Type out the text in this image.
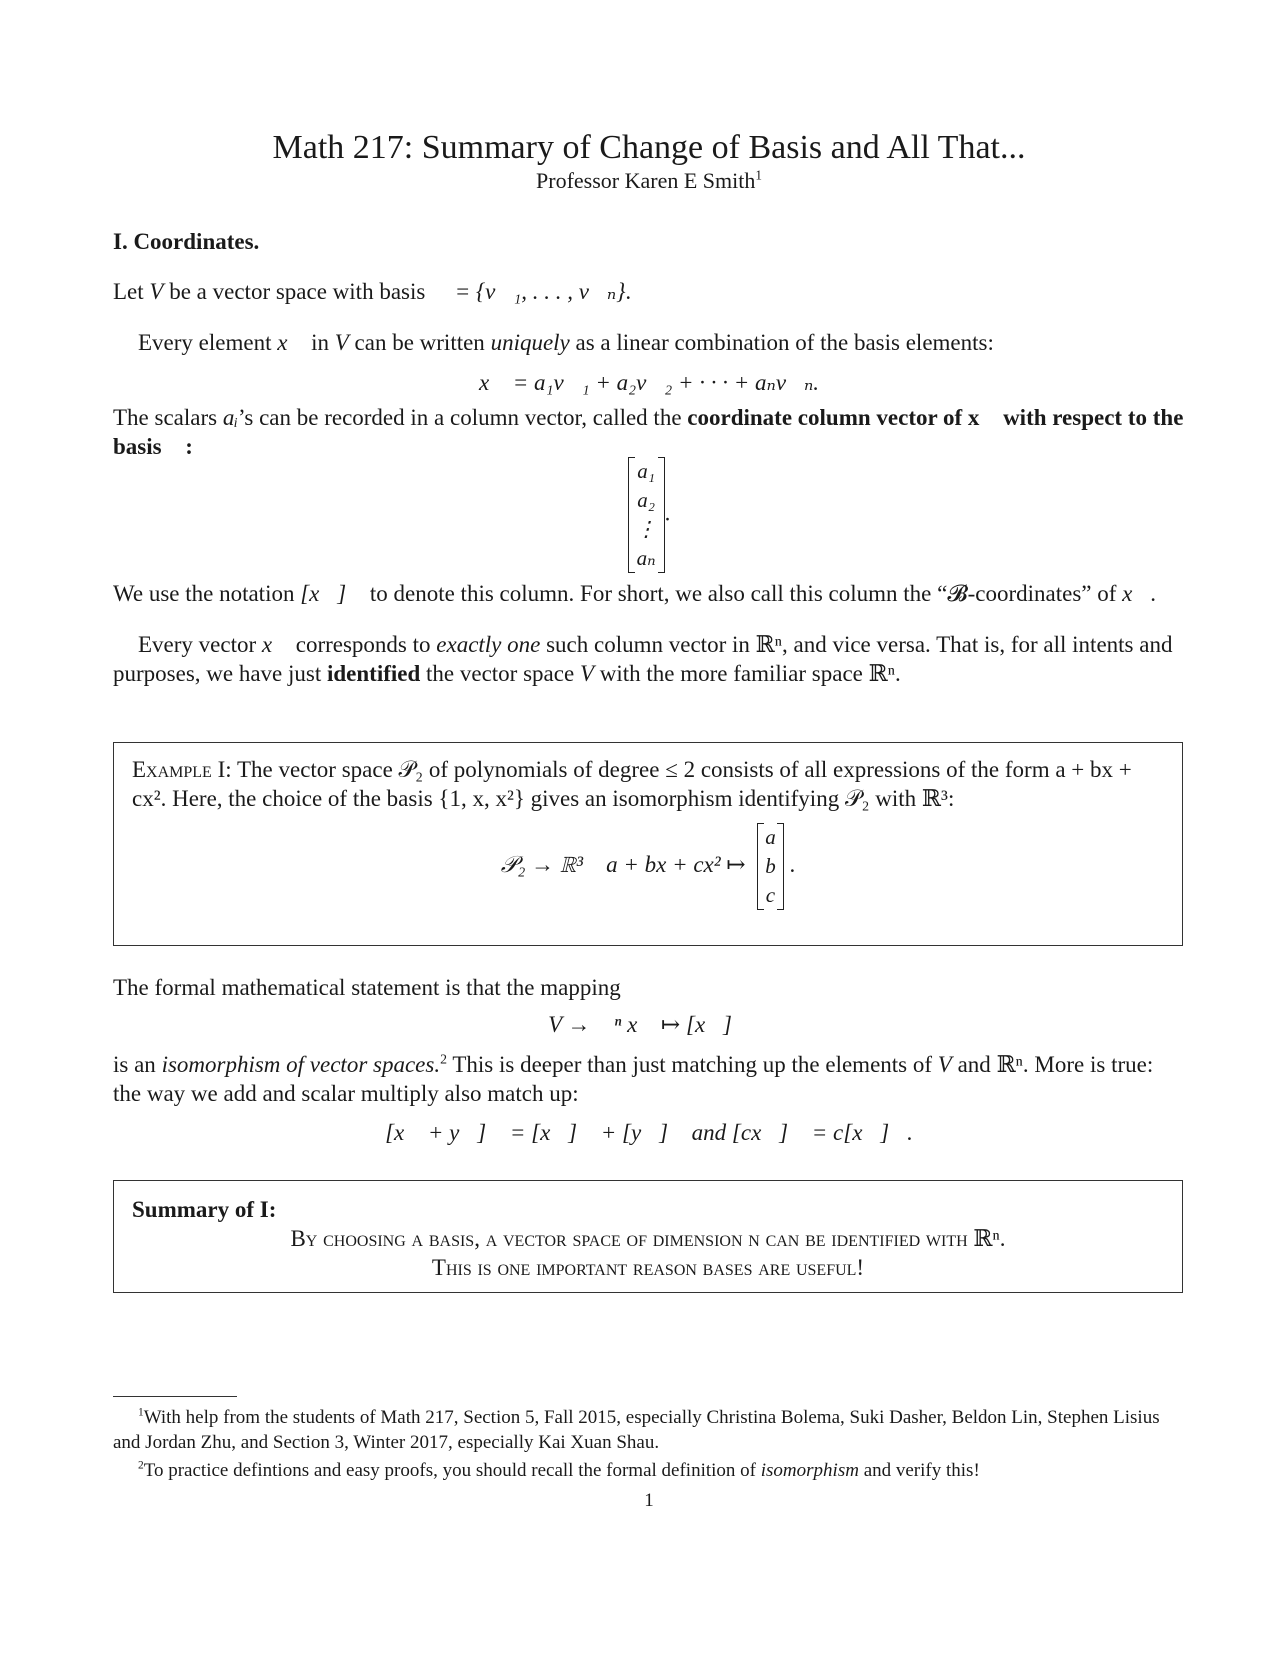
Math 217: Summary of Change of Basis and All That...
Professor Karen E Smith$^1$
I. Coordinates.
Let V be a vector space with basis 𝓑 = {v⃗₁, . . . , v⃗ₙ}.
Every element x⃗ in V can be written uniquely as a linear combination of the basis elements:
x⃗ = a₁v⃗₁ + a₂v⃗₂ + · · · + aₙv⃗ₙ.
The scalars aᵢ’s can be recorded in a column vector, called the coordinate column vector of x⃗ with respect to the basis 𝓑:
a₁
a₂
⋮
aₙ
.
We use the notation [x⃗]𝓑 to denote this column. For short, we also call this column the “𝓑-coordinates” of x⃗.
Every vector x⃗ corresponds to exactly one such column vector in ℝⁿ, and vice versa. That is, for all intents and purposes, we have just identified the vector space V with the more familiar space ℝⁿ.
Example I: The vector space 𝒫₂ of polynomials of degree ≤ 2 consists of all expressions of the form a + bx + cx². Here, the choice of the basis {1, x, x²} gives an isomorphism identifying 𝒫₂ with ℝ³:
𝒫₂ → ℝ³ a + bx + cx² ↦
a
b
c
.
The formal mathematical statement is that the mapping
V → ℝⁿ x⃗ ↦ [x⃗]𝓑
is an isomorphism of vector spaces.$^2$ This is deeper than just matching up the elements of V and ℝⁿ. More is true: the way we add and scalar multiply also match up:
[x⃗ + y⃗]𝓑 = [x⃗]𝓑 + [y⃗]𝓑 and [cx⃗]𝓑 = c[x⃗]𝓑.
Summary of I:
By choosing a basis, a vector space of dimension n can be identified with ℝⁿ.
This is one important reason bases are useful!
$^1$With help from the students of Math 217, Section 5, Fall 2015, especially Christina Bolema, Suki Dasher, Beldon Lin, Stephen Lisius and Jordan Zhu, and Section 3, Winter 2017, especially Kai Xuan Shau.
$^2$To practice defintions and easy proofs, you should recall the formal definition of isomorphism and verify this!
1
